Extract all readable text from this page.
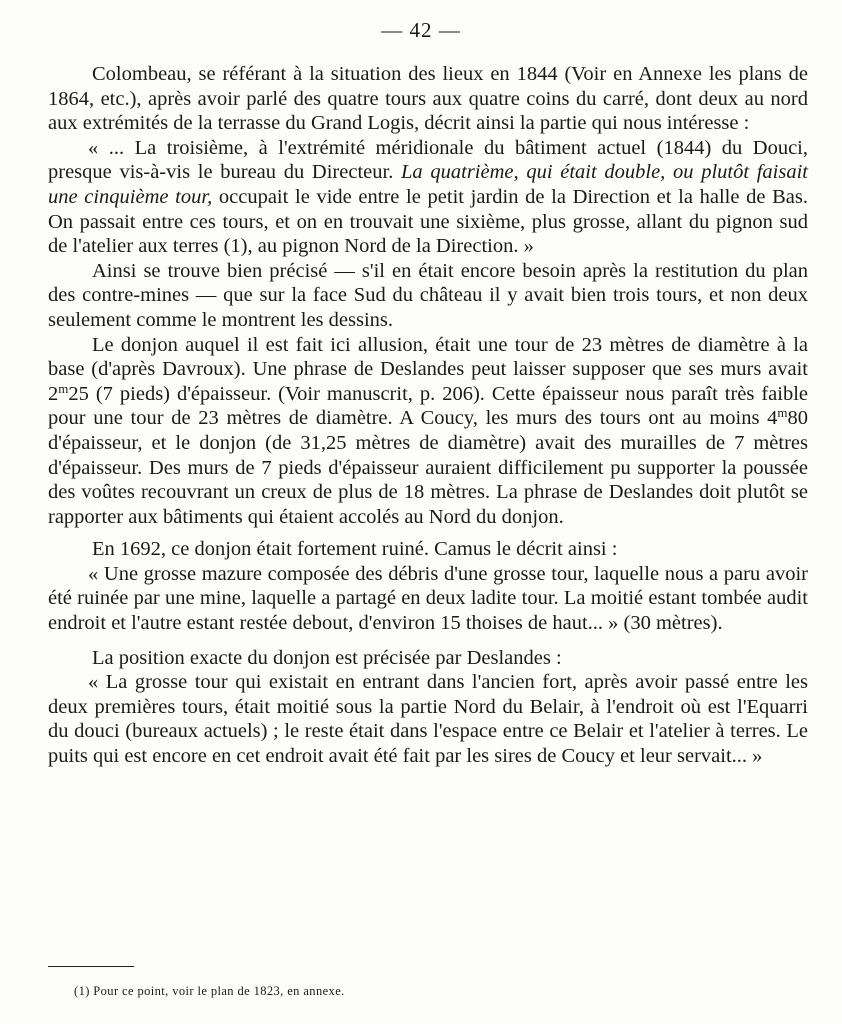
— 42 —

Colombeau, se référant à la situation des lieux en 1844 (Voir en Annexe les plans de 1864, etc.), après avoir parlé des quatre tours aux quatre coins du carré, dont deux au nord aux extrémités de la terrasse du Grand Logis, décrit ainsi la partie qui nous intéresse :

« ... La troisième, à l'extrémité méridionale du bâtiment actuel (1844) du Douci, presque vis-à-vis le bureau du Directeur. La quatrième, qui était double, ou plutôt faisait une cinquième tour, occupait le vide entre le petit jardin de la Direction et la halle de Bas. On passait entre ces tours, et on en trouvait une sixième, plus grosse, allant du pignon sud de l'atelier aux terres (1), au pignon Nord de la Direction. »

Ainsi se trouve bien précisé — s'il en était encore besoin après la restitution du plan des contre-mines — que sur la face Sud du château il y avait bien trois tours, et non deux seulement comme le montrent les dessins.

Le donjon auquel il est fait ici allusion, était une tour de 23 mètres de diamètre à la base (d'après Davroux). Une phrase de Deslandes peut laisser supposer que ses murs avait 2$^m$25 (7 pieds) d'épaisseur. (Voir manuscrit, p. 206). Cette épaisseur nous paraît très faible pour une tour de 23 mètres de diamètre. A Coucy, les murs des tours ont au moins 4$^m$80 d'épaisseur, et le donjon (de 31,25 mètres de diamètre) avait des murailles de 7 mètres d'épaisseur. Des murs de 7 pieds d'épaisseur auraient difficilement pu supporter la poussée des voûtes recouvrant un creux de plus de 18 mètres. La phrase de Deslandes doit plutôt se rapporter aux bâtiments qui étaient accolés au Nord du donjon.

En 1692, ce donjon était fortement ruiné. Camus le décrit ainsi :

« Une grosse mazure composée des débris d'une grosse tour, laquelle nous a paru avoir été ruinée par une mine, laquelle a partagé en deux ladite tour. La moitié estant tombée audit endroit et l'autre estant restée debout, d'environ 15 thoises de haut... » (30 mètres).

La position exacte du donjon est précisée par Deslandes :

« La grosse tour qui existait en entrant dans l'ancien fort, après avoir passé entre les deux premières tours, était moitié sous la partie Nord du Belair, à l'endroit où est l'Equarri du douci (bureaux actuels) ; le reste était dans l'espace entre ce Belair et l'atelier à terres. Le puits qui est encore en cet endroit avait été fait par les sires de Coucy et leur servait... »

(1) Pour ce point, voir le plan de 1823, en annexe.
